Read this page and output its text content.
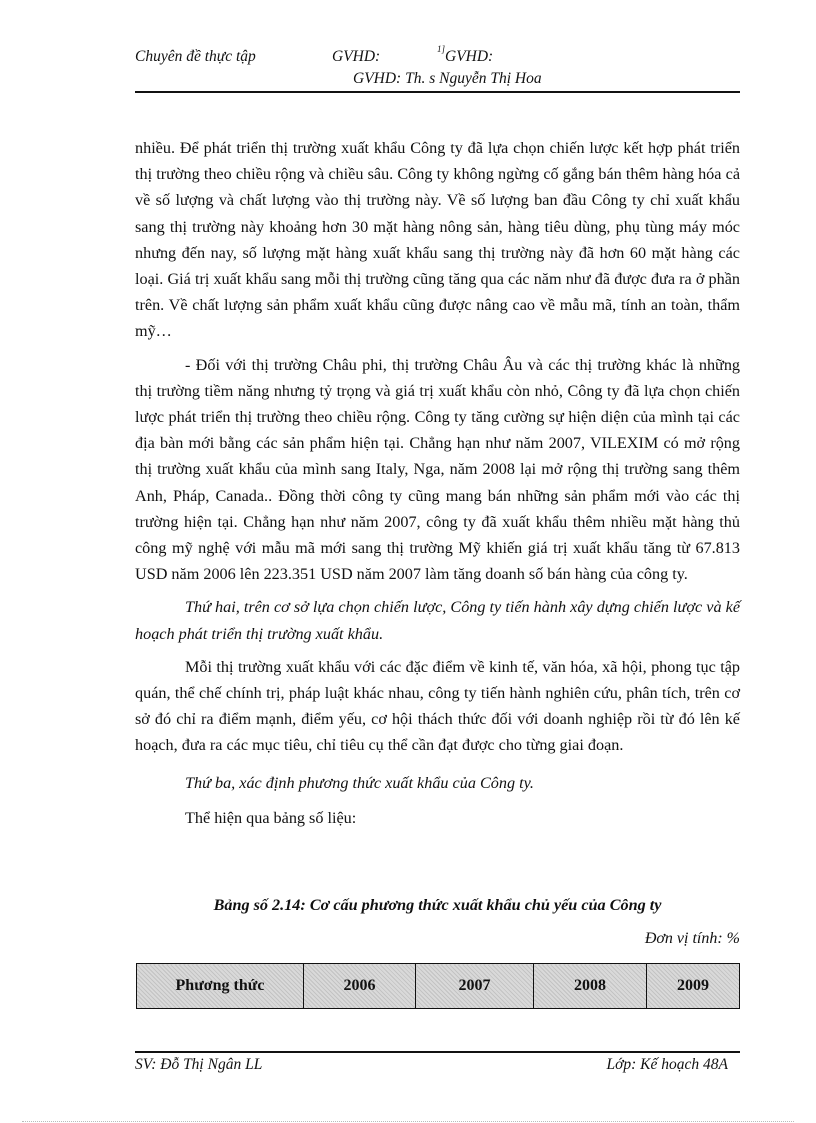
Chuyên đề thực tập	GVHD:	1] GVHD:
GVHD: Th. s Nguyễn Thị Hoa

nhiều. Để phát triển thị trường xuất khẩu Công ty đã lựa chọn chiến lược kết hợp phát triển thị trường theo chiều rộng và chiều sâu. Công ty không ngừng cố gắng bán thêm hàng hóa cả về số lượng và chất lượng vào thị trường này. Về số lượng ban đầu Công ty chỉ xuất khẩu sang thị trường này khoảng hơn 30 mặt hàng nông sản, hàng tiêu dùng, phụ tùng máy móc nhưng đến nay, số lượng mặt hàng xuất khẩu sang thị trường này đã hơn 60 mặt hàng các loại. Giá trị xuất khẩu sang mỗi thị trường cũng tăng qua các năm như đã được đưa ra ở phần trên. Về chất lượng sản phẩm xuất khẩu cũng được nâng cao về mẫu mã, tính an toàn, thẩm mỹ…

- Đối với thị trường Châu phi, thị trường Châu Âu và các thị trường khác là những thị trường tiềm năng nhưng tỷ trọng và giá trị xuất khẩu còn nhỏ, Công ty đã lựa chọn chiến lược phát triển thị trường theo chiều rộng. Công ty tăng cường sự hiện diện của mình tại các địa bàn mới bằng các sản phẩm hiện tại. Chẳng hạn như năm 2007, VILEXIM có mở rộng thị trường xuất khẩu của mình sang Italy, Nga, năm 2008 lại mở rộng thị trường sang thêm Anh, Pháp, Canada.. Đồng thời công ty cũng mang bán những sản phẩm mới vào các thị trường hiện tại. Chẳng hạn như năm 2007, công ty đã xuất khẩu thêm nhiều mặt hàng thủ công mỹ nghệ với mẫu mã mới sang thị trường Mỹ khiến giá trị xuất khẩu tăng từ 67.813 USD năm 2006 lên 223.351 USD năm 2007 làm tăng doanh số bán hàng của công ty.

Thứ hai, trên cơ sở lựa chọn chiến lược, Công ty tiến hành xây dựng chiến lược và kế hoạch phát triển thị trường xuất khẩu.

Mỗi thị trường xuất khẩu với các đặc điểm về kinh tế, văn hóa, xã hội, phong tục tập quán, thể chế chính trị, pháp luật khác nhau, công ty tiến hành nghiên cứu, phân tích, trên cơ sở đó chỉ ra điểm mạnh, điểm yếu, cơ hội thách thức đối với doanh nghiệp rồi từ đó lên kế hoạch, đưa ra các mục tiêu, chỉ tiêu cụ thể cần đạt được cho từng giai đoạn.

Thứ ba, xác định phương thức xuất khẩu của Công ty.

Thể hiện qua bảng số liệu:

Bảng số 2.14: Cơ cấu phương thức xuất khẩu chủ yếu của Công ty
Đơn vị tính: %
Phương thức	2006	2007	2008	2009
SV: Đỗ Thị Ngân LL	Lớp: Kế hoạch 48A
